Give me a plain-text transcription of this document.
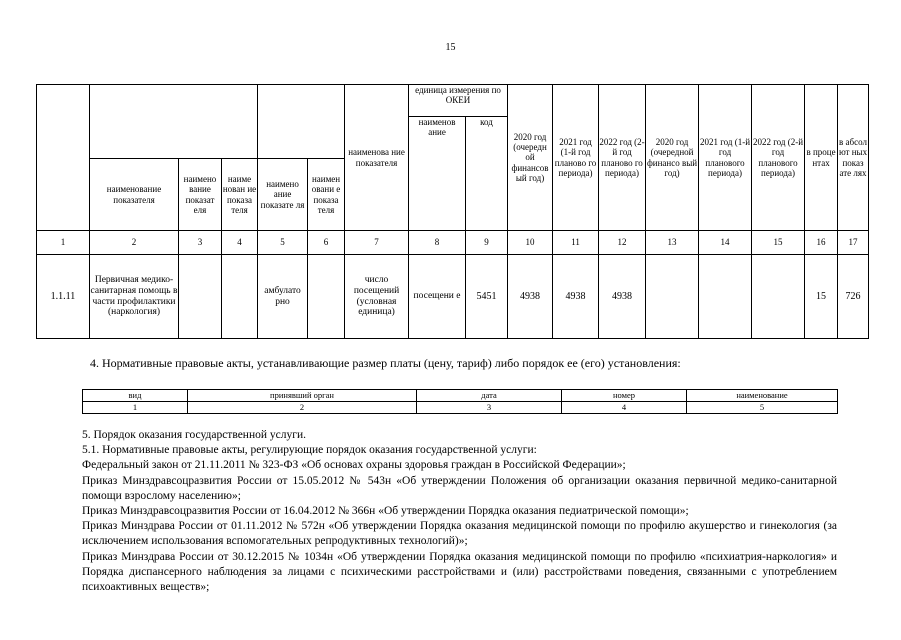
15
						наименова ние показателя	единица измерения по ОКЕИ		2020 год (очередн ой финансов ый год)	2021 год (1-й год планово го периода)	2022 год (2-й год планово го периода)	2020 год (очередной финансо вый год)	2021 год (1-й год планового периода)	2022 год (2-й год планового периода)	в проце нтах	в абсол ют ных показ ате лях
							наименов ание	код								
	наименование показателя	наимено вание показат еля	наиме нован ие показа теля	наимено ание показате ля	наимен овани е показа теля											
1	2	3	4	5	6	7	8	9	10	11	12	13	14	15	16	17
1.1.11	Первичная медико-санитарная помощь в части профилактики (наркология)			амбулато рно		число посещений (условная единица)	посещени е	5451	4938	4938	4938				15	726
4. Нормативные правовые акты, устанавливающие размер платы (цену, тариф) либо порядок ее (его) установления:
вид	принявший орган	дата	номер	наименование
1	2	3	4	5

5. Порядок оказания государственной услуги.

5.1. Нормативные правовые акты, регулирующие порядок оказания государственной услуги:

Федеральный закон от 21.11.2011 № 323-ФЗ «Об основах охраны здоровья граждан в Российской Федерации»;

Приказ Минздравсоцразвития России от 15.05.2012 № 543н «Об утверждении Положения об организации оказания первичной медико-санитарной помощи взрослому населению»;

Приказ Минздравсоцразвития России от 16.04.2012 № 366н «Об утверждении Порядка оказания педиатрической помощи»;

Приказ Минздрава России от 01.11.2012 № 572н «Об утверждении Порядка оказания медицинской помощи по профилю акушерство и гинекология (за исключением использования вспомогательных репродуктивных технологий)»;

Приказ Минздрава России от 30.12.2015 № 1034н «Об утверждении Порядка оказания медицинской помощи по профилю «психиатрия-наркология» и Порядка диспансерного наблюдения за лицами с психическими расстройствами и (или) расстройствами поведения, связанными с употреблением психоактивных веществ»;
